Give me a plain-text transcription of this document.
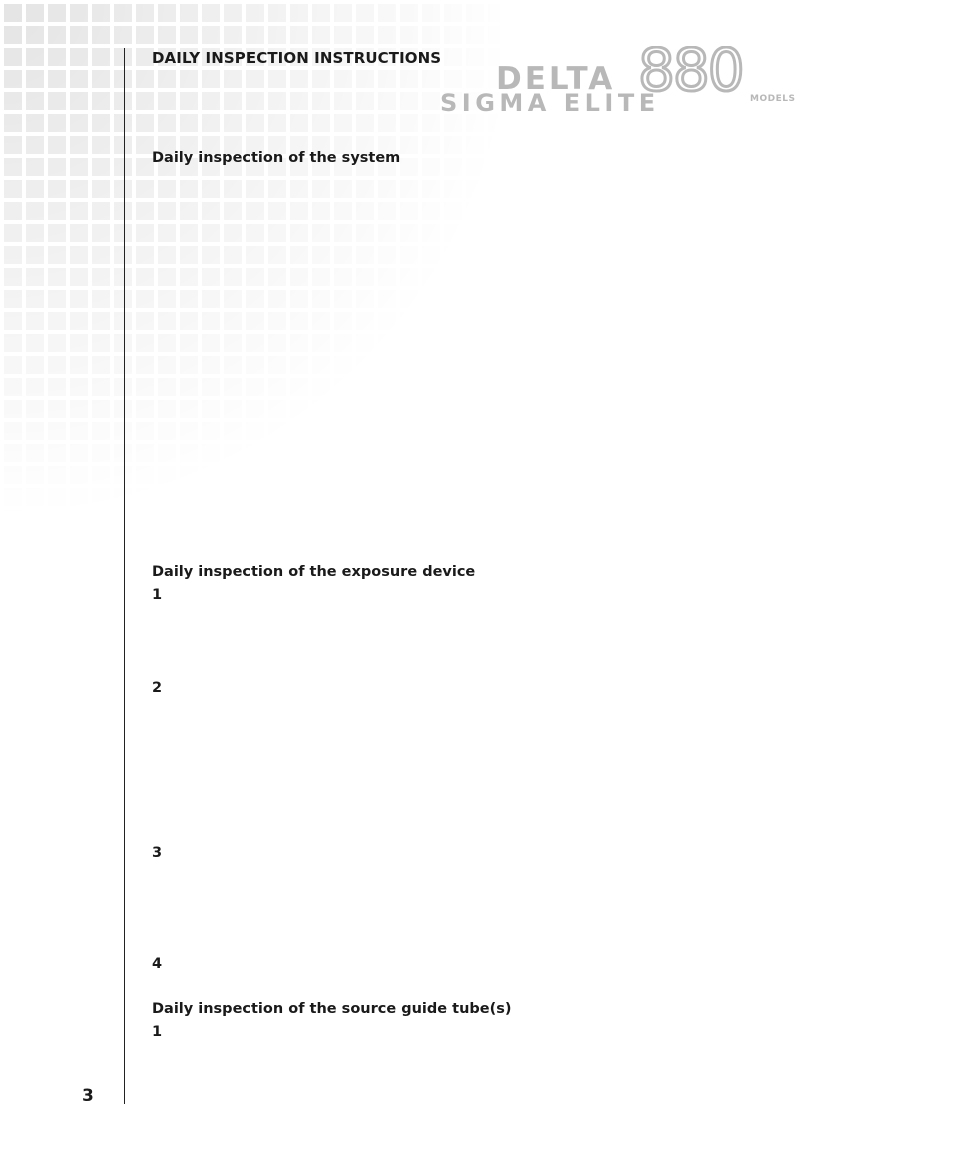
DAILY INSPECTION INSTRUCTIONS
DELTA 880
SIGMA ELITE	MODELS
Daily inspection of the system
Daily inspection of the exposure device
1
2
3
4
Daily inspection of the source guide tube(s)
1
3
